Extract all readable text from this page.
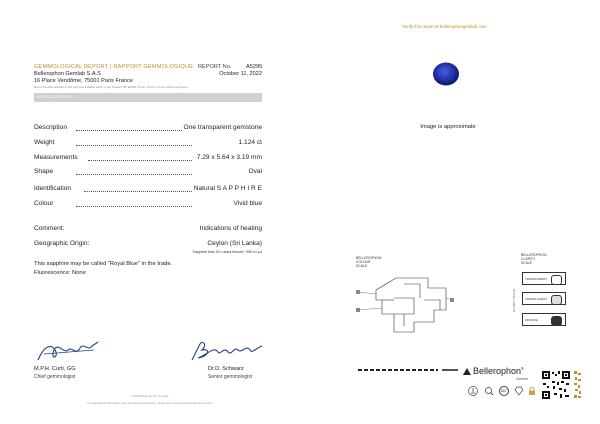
GEMMOLOGICAL REPORT | RAPPORT GEMMOLOGIQUE
Bellerophon Gemlab S.A.S
16 Place Vendôme, 75001 Paris France
Most of the data indicated on this report are available online, it may include FTIR, EDXRF, PL/LA, TS-ICS, UV etc. LAB service Report
DETAILS & RESULTS
REPORT No.	A5295
October 11, 2022
Description	One transparent gemstone
Weight	1.124 ct
Measurements	7.29 x 5.64 x 3.19 mm
Shape	Oval
Identification	Natural S A P P H I R E
Colour	Vivid blue
Comment:	Indications of heating
Geographic Origin:	Ceylon (Sri Lanka)
Sapphire from Sri Lanka formed ~550 m.y.a
This sapphire may be called "Royal Blue" in the trade.
Fluorescence: None
M.P.H. Curti, GG
Chief gemmologist
Dr.D. Schwarz
Senior gemmologist
©2022 Bellerophon Gemlab
For additional information and important indications, please see www.gemlab-bellerophon.com
Verify this report at bellerophongemlab.com
Image is approximate
BELLEROPHON
COLOUR
SCALE
BELLEROPHON
CLARITY
SCALE
CLARITY SCALE
TRANSPARENT
TRANSLUCENT
OPAQUE
Bellerophon®
Gemlab
360°
